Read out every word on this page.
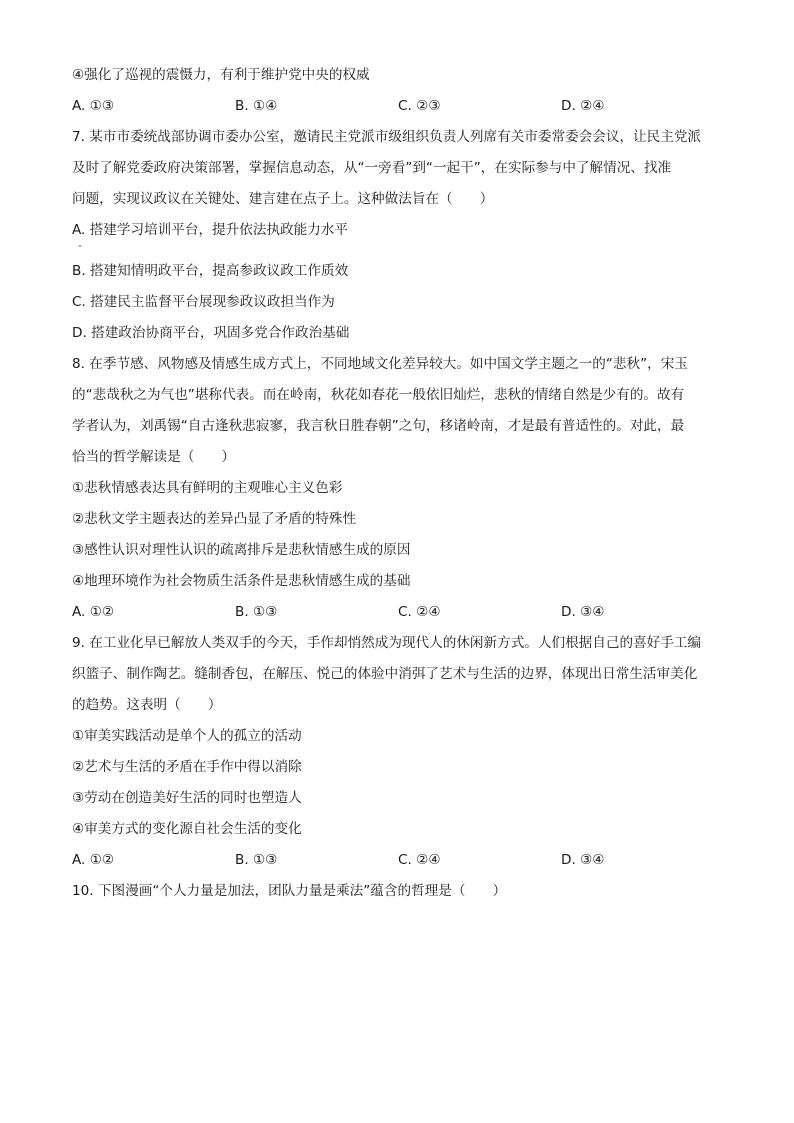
④强化了巡视的震慑力，有利于维护党中央的权威
A. ①③	B. ①④	C. ②③	D. ②④
7. 某市市委统战部协调市委办公室，邀请民主党派市级组织负责人列席有关市委常委会会议，让民主党派
及时了解党委政府决策部署，掌握信息动态，从“一旁看”到“一起干”，在实际参与中了解情况、找准
问题，实现议政议在关键处、建言建在点子上。这种做法旨在（　　）
A. 搭建学习培训平台，提升依法执政能力水平
B. 搭建知情明政平台，提高参政议政工作质效
C. 搭建民主监督平台展现参政议政担当作为
D. 搭建政治协商平台，巩固多党合作政治基础
8. 在季节感、风物感及情感生成方式上，不同地域文化差异较大。如中国文学主题之一的“悲秋”，宋玉
的“悲哉秋之为气也”堪称代表。而在岭南，秋花如春花一般依旧灿烂，悲秋的情绪自然是少有的。故有
学者认为，刘禹锡“自古逢秋悲寂寥，我言秋日胜春朝”之句，移诸岭南，才是最有普适性的。对此，最
恰当的哲学解读是（　　）
①悲秋情感表达具有鲜明的主观唯心主义色彩
②悲秋文学主题表达的差异凸显了矛盾的特殊性
③感性认识对理性认识的疏离排斥是悲秋情感生成的原因
④地理环境作为社会物质生活条件是悲秋情感生成的基础
A. ①②	B. ①③	C. ②④	D. ③④
9. 在工业化早已解放人类双手的今天，手作却悄然成为现代人的休闲新方式。人们根据自己的喜好手工编
织篮子、制作陶艺。缝制香包，在解压、悦己的体验中消弭了艺术与生活的边界，体现出日常生活审美化
的趋势。这表明（　　）
①审美实践活动是单个人的孤立的活动
②艺术与生活的矛盾在手作中得以消除
③劳动在创造美好生活的同时也塑造人
④审美方式的变化源自社会生活的变化
A. ①②	B. ①③	C. ②④	D. ③④
10. 下图漫画“个人力量是加法，团队力量是乘法”蕴含的哲理是（　　）
